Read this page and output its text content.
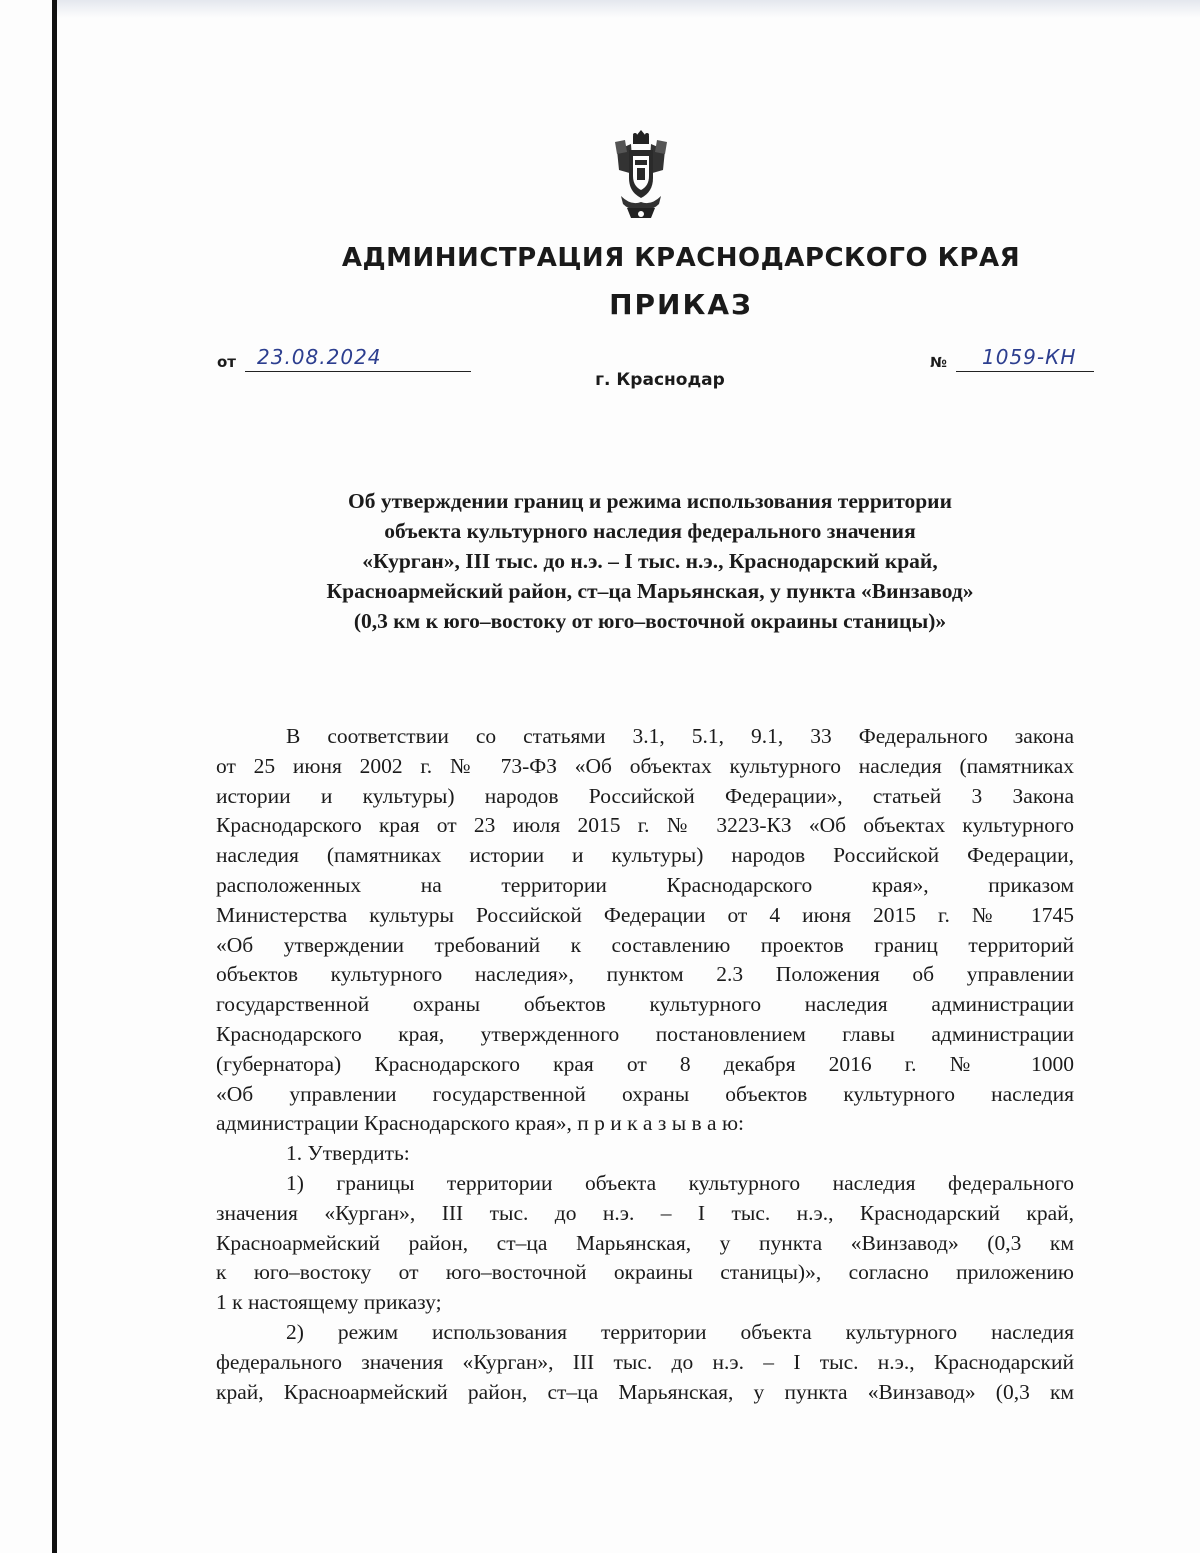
АДМИНИСТРАЦИЯ КРАСНОДАРСКОГО КРАЯ
ПРИКАЗ
от 23.08.2024
г. Краснодар
№ 1059-КН
Об утверждении границ и режима использования территории
объекта культурного наследия федерального значения
«Курган», III тыс. до н.э. – I тыс. н.э., Краснодарский край,
Красноармейский район, ст–ца Марьянская, у пункта «Винзавод»
(0,3 км к юго–востоку от юго–восточной окраины станицы)»
В соответствии со статьями 3.1, 5.1, 9.1, 33 Федерального закона
от 25 июня 2002 г. № 73-ФЗ «Об объектах культурного наследия (памятниках
истории и культуры) народов Российской Федерации», статьей 3 Закона
Краснодарского края от 23 июля 2015 г. № 3223-КЗ «Об объектах культурного
наследия (памятниках истории и культуры) народов Российской Федерации,
расположенных на территории Краснодарского края», приказом
Министерства культуры Российской Федерации от 4 июня 2015 г. № 1745
«Об утверждении требований к составлению проектов границ территорий
объектов культурного наследия», пунктом 2.3 Положения об управлении
государственной охраны объектов культурного наследия администрации
Краснодарского края, утвержденного постановлением главы администрации
(губернатора) Краснодарского края от 8 декабря 2016 г. № 1000
«Об управлении государственной охраны объектов культурного наследия
администрации Краснодарского края», п р и к а з ы в а ю:
1. Утвердить:
1) границы территории объекта культурного наследия федерального
значения «Курган», III тыс. до н.э. – I тыс. н.э., Краснодарский край,
Красноармейский район, ст–ца Марьянская, у пункта «Винзавод» (0,3 км
к юго–востоку от юго–восточной окраины станицы)», согласно приложению
1 к настоящему приказу;
2) режим использования территории объекта культурного наследия
федерального значения «Курган», III тыс. до н.э. – I тыс. н.э., Краснодарский
край, Красноармейский район, ст–ца Марьянская, у пункта «Винзавод» (0,3 км
